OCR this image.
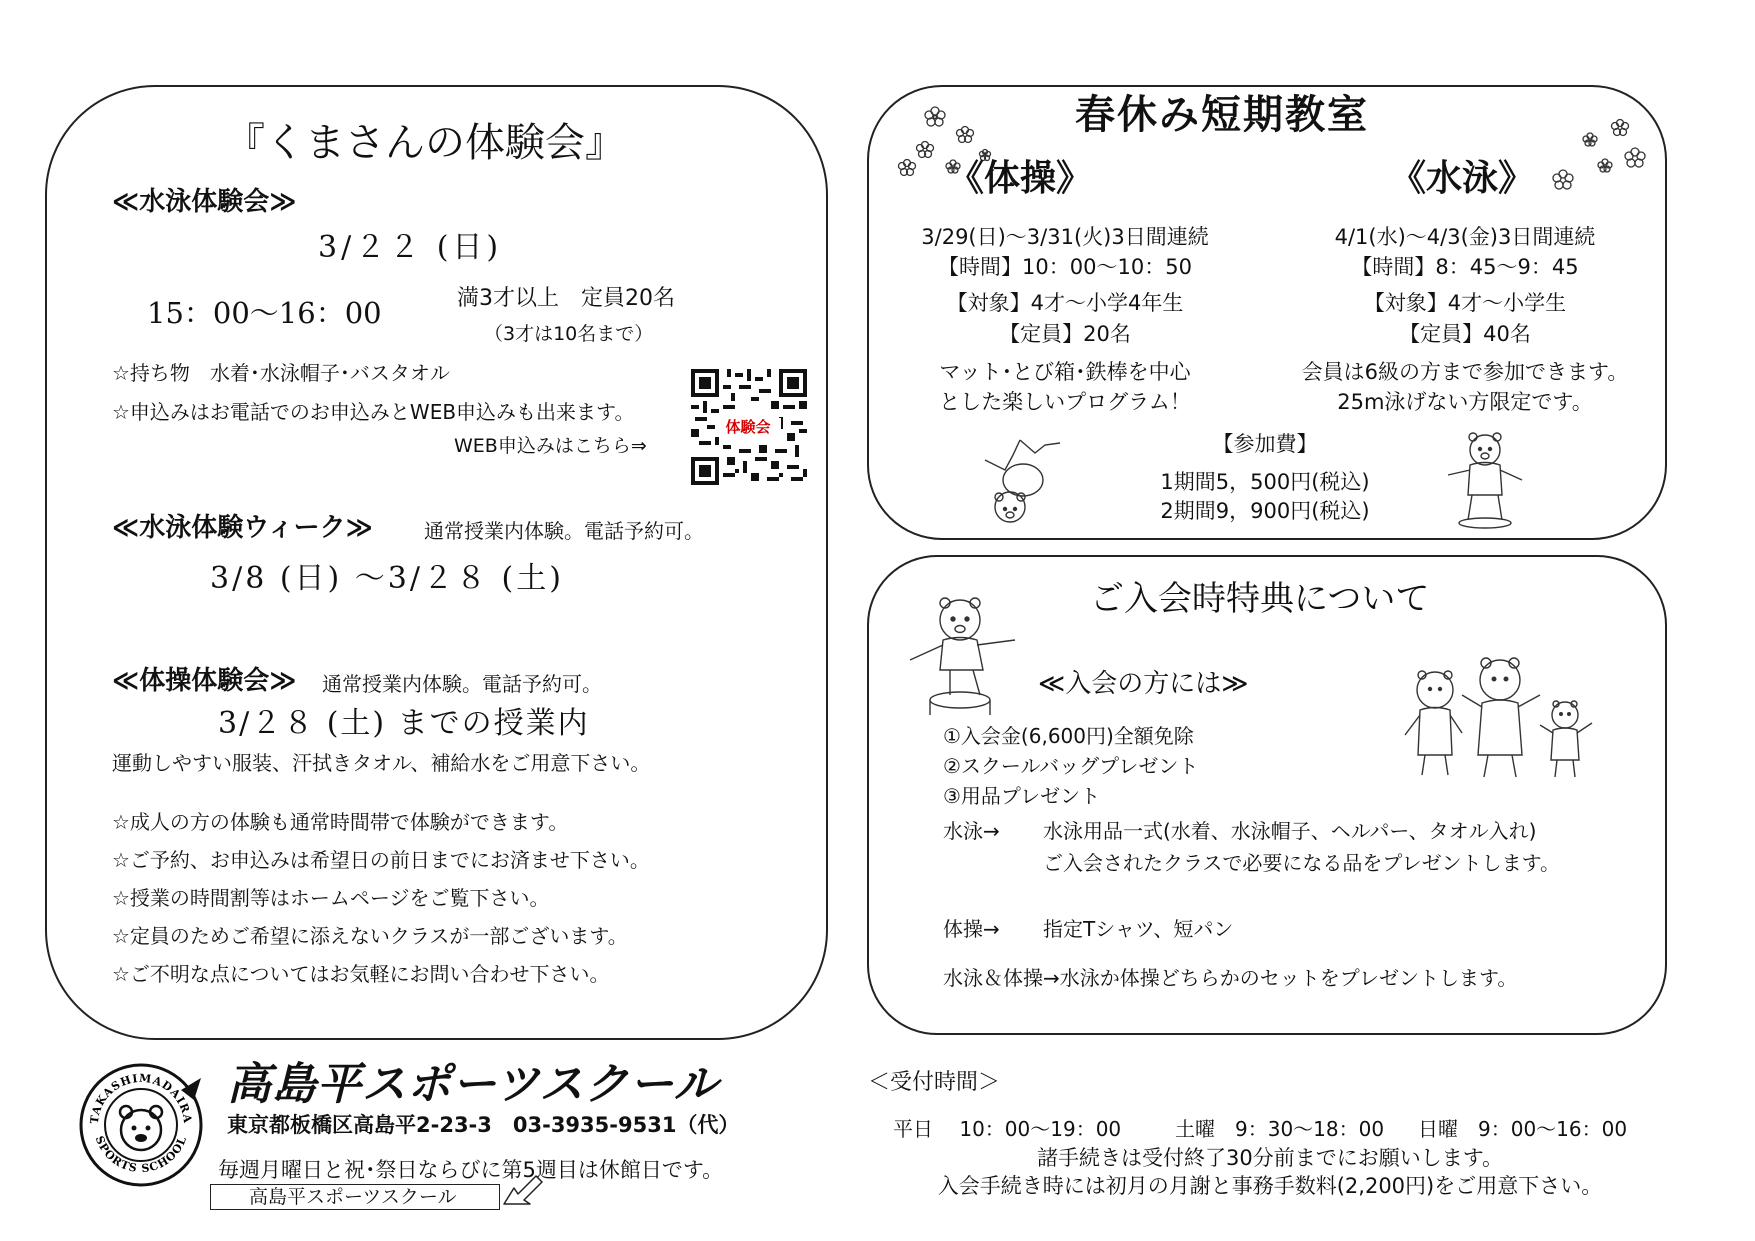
『くまさんの体験会』
≪水泳体験会≫
3/２２ (日)
15：00〜16：00	満3才以上　定員20名
（3才は10名まで）
☆持ち物　水着･水泳帽子･バスタオル
☆申込みはお電話でのお申込みとWEB申込みも出来ます。
WEB申込みはこちら⇒
体験会
≪水泳体験ウィーク≫	通常授業内体験。電話予約可。
3/8 (日) 〜3/２８ (土)
≪体操体験会≫ 通常授業内体験。電話予約可。
3/２８ (土) までの授業内
運動しやすい服装、汗拭きタオル、補給水をご用意下さい。
☆成人の方の体験も通常時間帯で体験ができます。
☆ご予約、お申込みは希望日の前日までにお済ませ下さい。
☆授業の時間割等はホームページをご覧下さい。
☆定員のためご希望に添えないクラスが一部ございます。
☆ご不明な点についてはお気軽にお問い合わせ下さい。
春休み短期教室
《体操》	《水泳》
3/29(日)～3/31(火)3日間連続
【時間】10：00～10：50
【対象】4才～小学4年生
【定員】20名
マット･とび箱･鉄棒を中心
とした楽しいプログラム！
4/1(水)～4/3(金)3日間連続
【時間】8：45～9：45
【対象】4才～小学生
【定員】40名
会員は6級の方まで参加できます。
25m泳げない方限定です。
【参加費】
1期間5，500円(税込)
2期間9，900円(税込)
ご入会時特典について
≪入会の方には≫
①入会金(6,600円)全額免除
②スクールバッグプレゼント
③用品プレゼント
水泳→ 水泳用品一式(水着、水泳帽子、ヘルパー、タオル入れ)
ご入会されたクラスで必要になる品をプレゼントします。
体操→ 指定Tシャツ、短パン
水泳＆体操→水泳か体操どちらかのセットをプレゼントします。
TAKASHIMADAIRA
SPORTS SCHOOL
高島平スポーツスクール
東京都板橋区高島平2-23-3　03-3935-9531（代）
毎週月曜日と祝･祭日ならびに第5週目は休館日です。
高島平スポーツスクール
＜受付時間＞
平日　 10：00～19：00	土曜　9：30～18：00 日曜　9：00～16：00
諸手続きは受付終了30分前までにお願いします。
入会手続き時には初月の月謝と事務手数料(2,200円)をご用意下さい。
